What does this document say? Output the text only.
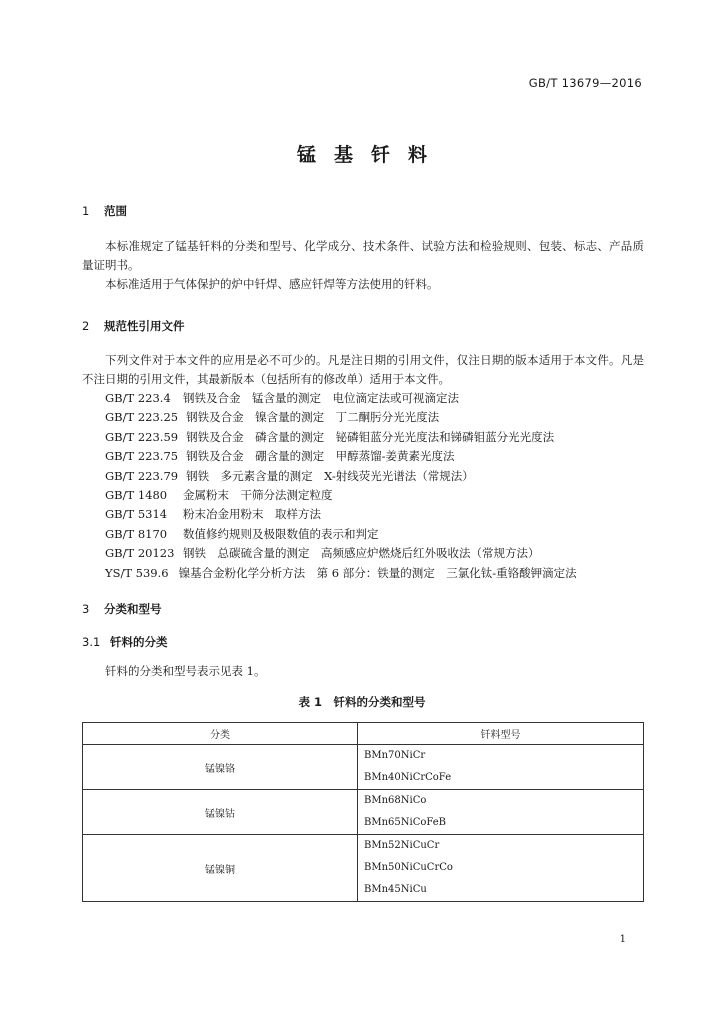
GB/T 13679—2016
锰基钎料
1 范围
本标准规定了锰基钎料的分类和型号、化学成分、技术条件、试验方法和检验规则、包装、标志、产品质量证明书。
本标准适用于气体保护的炉中钎焊、感应钎焊等方法使用的钎料。
2 规范性引用文件
下列文件对于本文件的应用是必不可少的。凡是注日期的引用文件，仅注日期的版本适用于本文件。凡是不注日期的引用文件，其最新版本（包括所有的修改单）适用于本文件。
GB/T 223.4 钢铁及合金　锰含量的测定　电位滴定法或可视滴定法
GB/T 223.25 钢铁及合金　镍含量的测定　丁二酮肟分光光度法
GB/T 223.59 钢铁及合金　磷含量的测定　铋磷钼蓝分光光度法和锑磷钼蓝分光光度法
GB/T 223.75 钢铁及合金　硼含量的测定　甲醇蒸馏-姜黄素光度法
GB/T 223.79 钢铁　多元素含量的测定　X-射线荧光光谱法（常规法）
GB/T 1480 金属粉末　干筛分法测定粒度
GB/T 5314 粉末冶金用粉末　取样方法
GB/T 8170 数值修约规则及极限数值的表示和判定
GB/T 20123 钢铁　总碳硫含量的测定　高频感应炉燃烧后红外吸收法（常规方法）
YS/T 539.6 镍基合金粉化学分析方法　第 6 部分：铁量的测定　三氯化钛-重铬酸钾滴定法
3 分类和型号
3.1 钎料的分类
钎料的分类和型号表示见表 1。
表 1　钎料的分类和型号
分类	钎料型号
锰镍铬	BMn70NiCr
BMn40NiCrCoFe

锰镍钴	BMn68NiCo
BMn65NiCoFeB

锰镍铜	BMn52NiCuCr
BMn50NiCuCrCo
BMn45NiCu
1
